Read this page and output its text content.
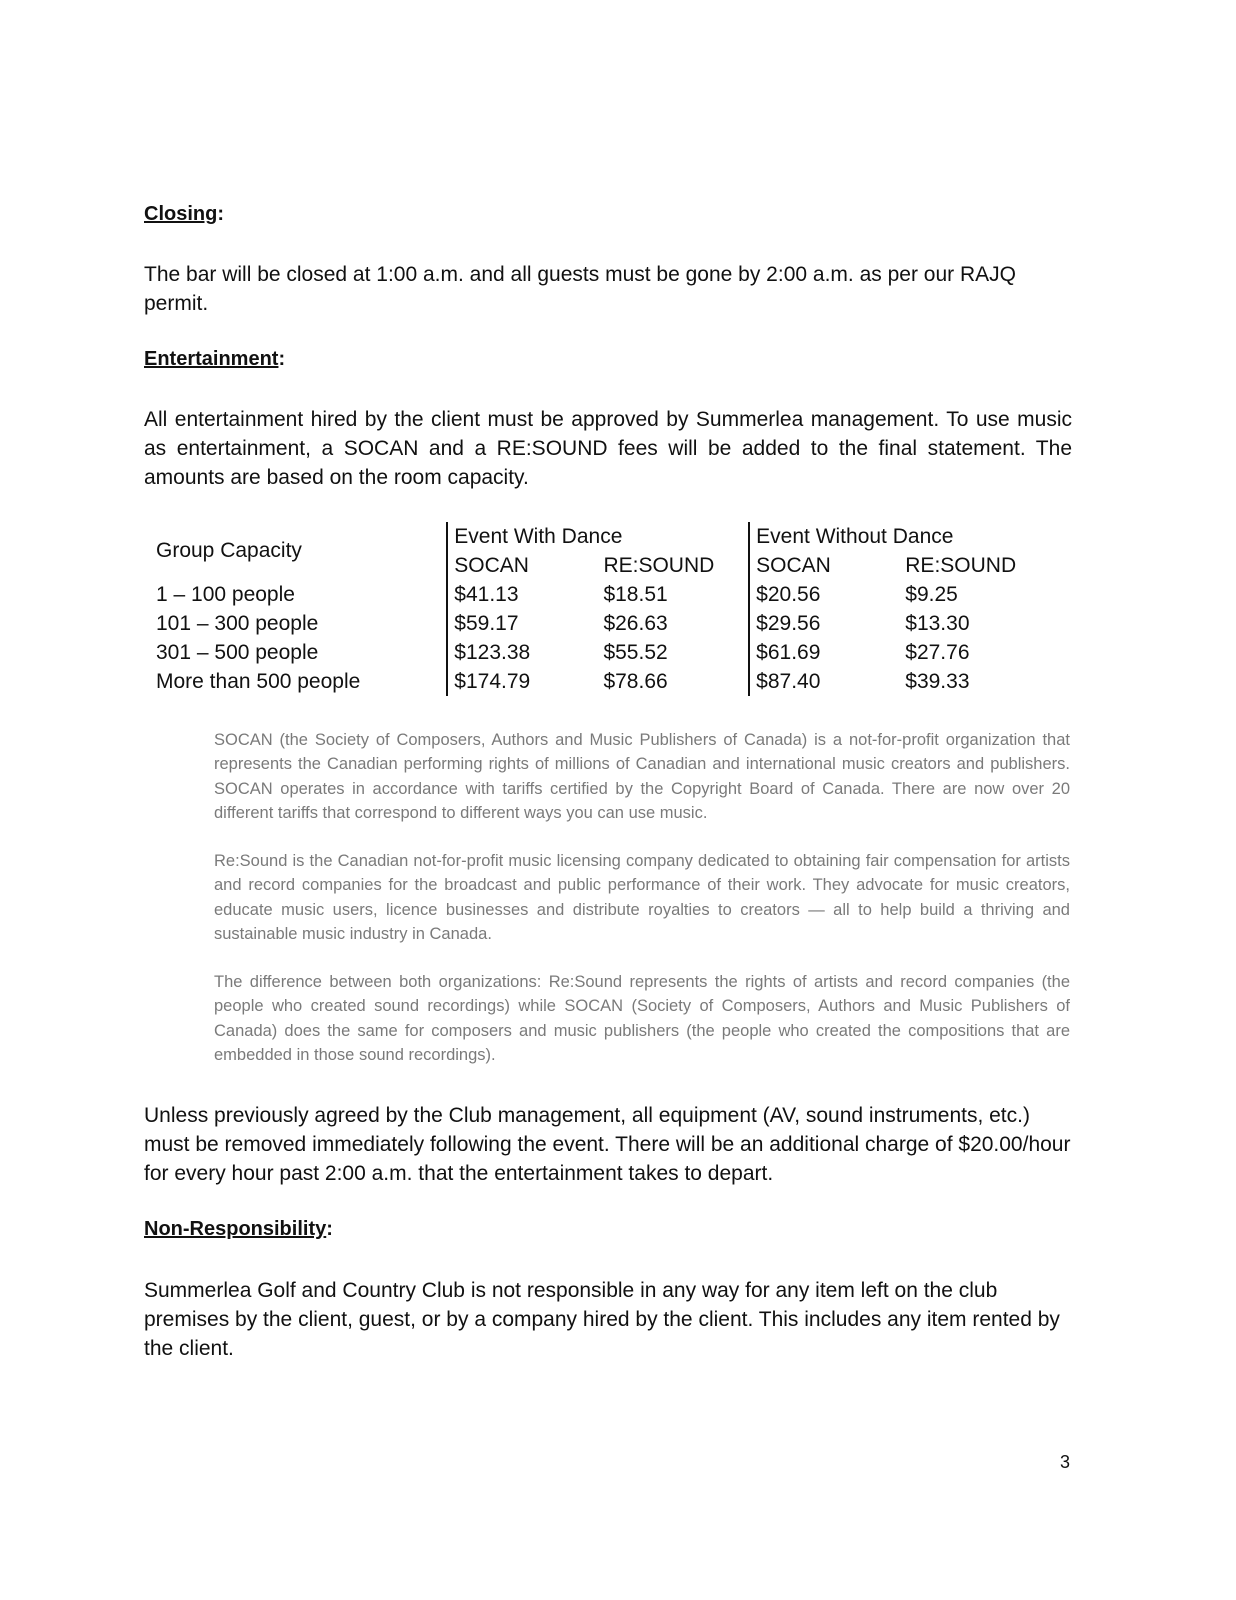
Closing:

The bar will be closed at 1:00 a.m. and all guests must be gone by 2:00 a.m. as per our RAJQ permit.

Entertainment:

All entertainment hired by the client must be approved by Summerlea management. To use music as entertainment, a SOCAN and a RE:SOUND fees will be added to the final statement. The amounts are based on the room capacity.

Group Capacity	Event With Dance		Event Without Dance	
	SOCAN	RE:SOUND	SOCAN	RE:SOUND
1 – 100 people	$41.13	$18.51	$20.56	$9.25
101 – 300 people	$59.17	$26.63	$29.56	$13.30
301 – 500 people	$123.38	$55.52	$61.69	$27.76
More than 500 people	$174.79	$78.66	$87.40	$39.33

SOCAN (the Society of Composers, Authors and Music Publishers of Canada) is a not-for-profit organization that represents the Canadian performing rights of millions of Canadian and international music creators and publishers. SOCAN operates in accordance with tariffs certified by the Copyright Board of Canada. There are now over 20 different tariffs that correspond to different ways you can use music.

Re:Sound is the Canadian not-for-profit music licensing company dedicated to obtaining fair compensation for artists and record companies for the broadcast and public performance of their work. They advocate for music creators, educate music users, licence businesses and distribute royalties to creators — all to help build a thriving and sustainable music industry in Canada.

The difference between both organizations: Re:Sound represents the rights of artists and record companies (the people who created sound recordings) while SOCAN (Society of Composers, Authors and Music Publishers of Canada) does the same for composers and music publishers (the people who created the compositions that are embedded in those sound recordings).

Unless previously agreed by the Club management, all equipment (AV, sound instruments, etc.) must be removed immediately following the event. There will be an additional charge of $20.00/hour for every hour past 2:00 a.m. that the entertainment takes to depart.

Non-Responsibility:

Summerlea Golf and Country Club is not responsible in any way for any item left on the club premises by the client, guest, or by a company hired by the client. This includes any item rented by the client.

3
